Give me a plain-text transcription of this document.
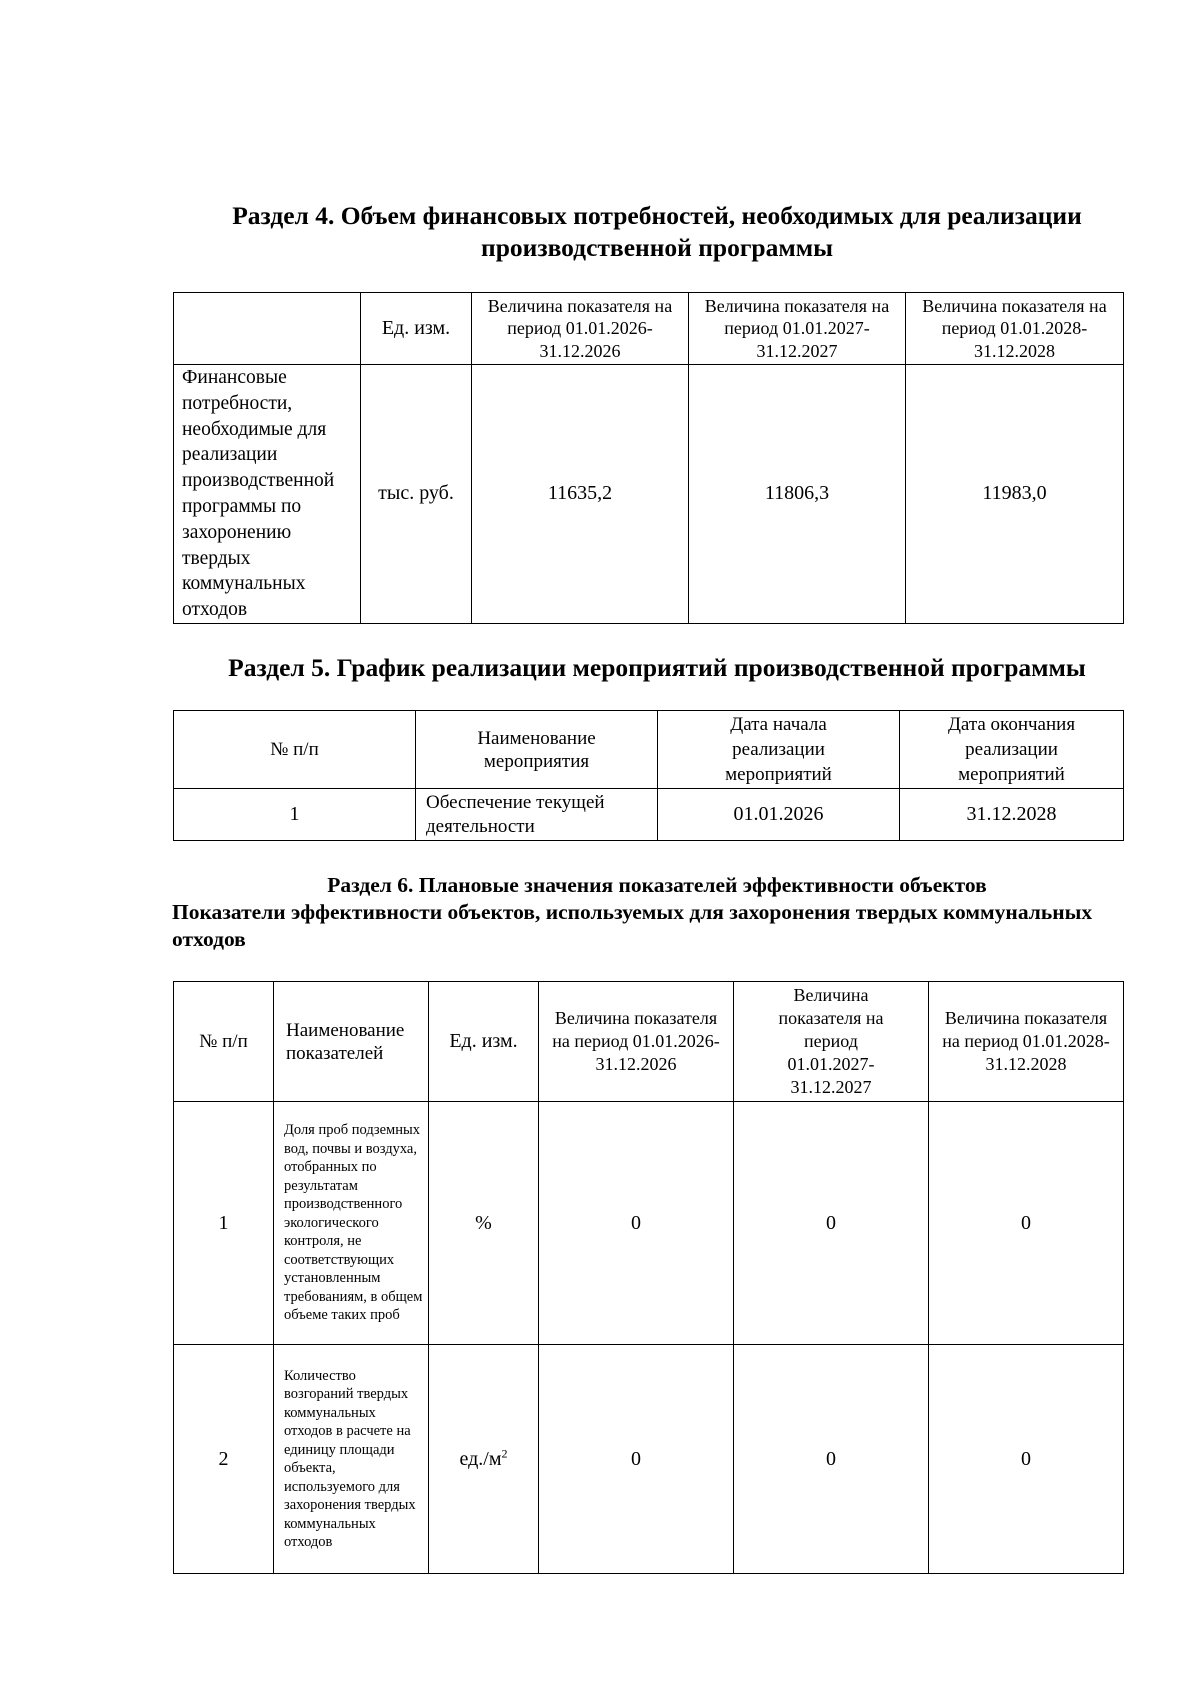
Раздел 4. Объем финансовых потребностей, необходимых для реализации
производственной программы
	Ед. изм.	Величина показателя на период 01.01.2026-31.12.2026	Величина показателя на период 01.01.2027-31.12.2027	Величина показателя на период 01.01.2028-31.12.2028
Финансовые потребности, необходимые для реализации производственной программы по захоронению твердых коммунальных отходов	тыс. руб.	11635,2	11806,3	11983,0
Раздел 5. График реализации мероприятий производственной программы
№ п/п	Наименование мероприятия	Дата начала реализации мероприятий	Дата окончания реализации мероприятий
1	Обеспечение текущей деятельности	01.01.2026	31.12.2028
Раздел 6. Плановые значения показателей эффективности объектов
Показатели эффективности объектов, используемых для захоронения твердых коммунальных отходов
№ п/п	Наименование показателей	Ед. изм.	Величина показателя на период 01.01.2026-31.12.2026	Величина показателя на период 01.01.2027-31.12.2027	Величина показателя на период 01.01.2028-31.12.2028
1	Доля проб подземных вод, почвы и воздуха, отобранных по результатам производственного экологического контроля, не соответствующих установленным требованиям, в общем объеме таких проб	%	0	0	0
2	Количество возгораний твердых коммунальных отходов в расчете на единицу площади объекта, используемого для захоронения твердых коммунальных отходов	$ед./м^2$	0	0	0
